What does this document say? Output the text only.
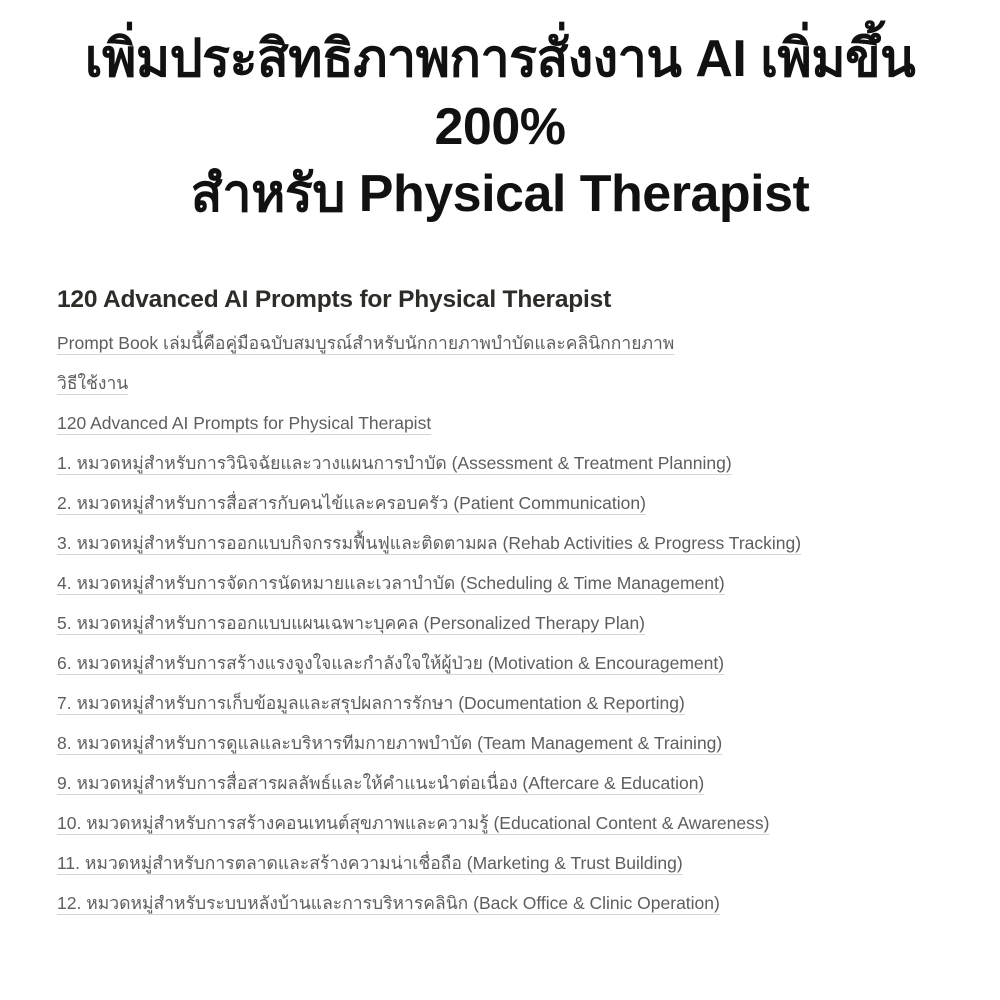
เพิ่มประสิทธิภาพการสั่งงาน AI เพิ่มขึ้น 200%
สำหรับ Physical Therapist
120 Advanced AI Prompts for Physical Therapist
Prompt Book เล่มนี้คือคู่มือฉบับสมบูรณ์สำหรับนักกายภาพบำบัดและคลินิกกายภาพ
วิธีใช้งาน
120 Advanced AI Prompts for Physical Therapist
1. หมวดหมู่สำหรับการวินิจฉัยและวางแผนการบำบัด (Assessment & Treatment Planning)
2. หมวดหมู่สำหรับการสื่อสารกับคนไข้และครอบครัว (Patient Communication)
3. หมวดหมู่สำหรับการออกแบบกิจกรรมฟื้นฟูและติดตามผล (Rehab Activities & Progress Tracking)
4. หมวดหมู่สำหรับการจัดการนัดหมายและเวลาบำบัด (Scheduling & Time Management)
5. หมวดหมู่สำหรับการออกแบบแผนเฉพาะบุคคล (Personalized Therapy Plan)
6. หมวดหมู่สำหรับการสร้างแรงจูงใจและกำลังใจให้ผู้ป่วย (Motivation & Encouragement)
7. หมวดหมู่สำหรับการเก็บข้อมูลและสรุปผลการรักษา (Documentation & Reporting)
8. หมวดหมู่สำหรับการดูแลและบริหารทีมกายภาพบำบัด (Team Management & Training)
9. หมวดหมู่สำหรับการสื่อสารผลลัพธ์และให้คำแนะนำต่อเนื่อง (Aftercare & Education)
10. หมวดหมู่สำหรับการสร้างคอนเทนต์สุขภาพและความรู้ (Educational Content & Awareness)
11. หมวดหมู่สำหรับการตลาดและสร้างความน่าเชื่อถือ (Marketing & Trust Building)
12. หมวดหมู่สำหรับระบบหลังบ้านและการบริหารคลินิก (Back Office & Clinic Operation)
